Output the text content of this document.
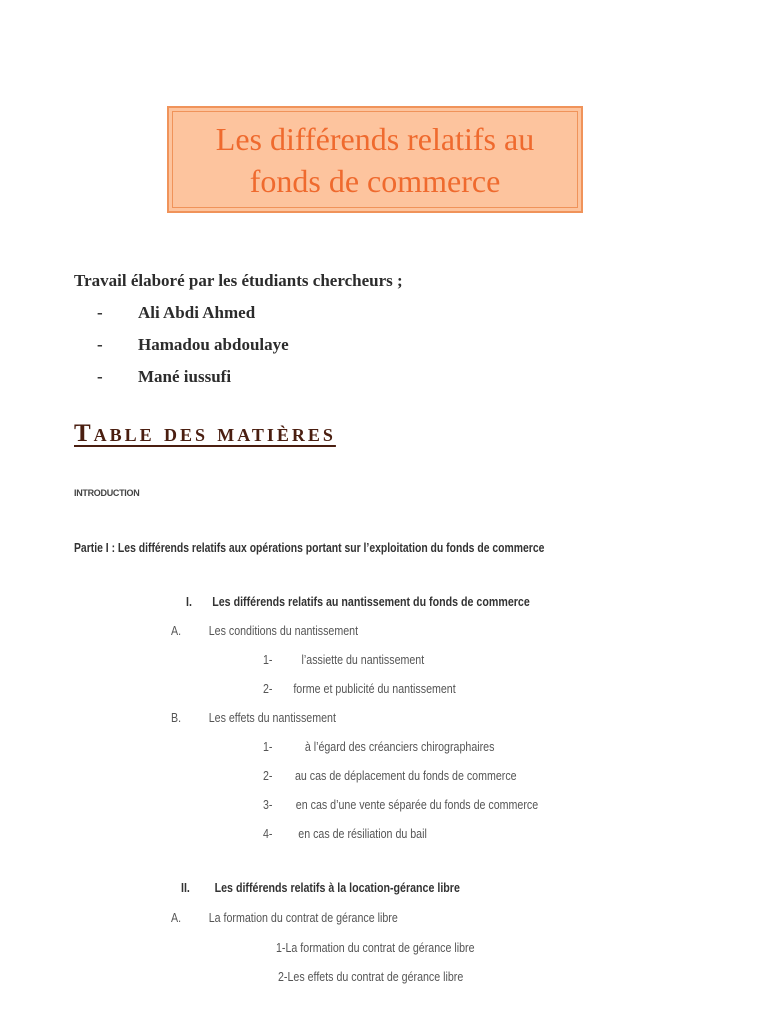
Les différends relatifs au fonds de commerce
Travail élaboré par les étudiants chercheurs ;
- Ali Abdi Ahmed
- Hamadou abdoulaye
- Mané iussufi
Table des matières
INTRODUCTION
Partie I : Les différends relatifs aux opérations portant sur l’exploitation du fonds de commerce
I. Les différends relatifs au nantissement du fonds de commerce
A. Les conditions du nantissement
1- l’assiette du nantissement
2- forme et publicité du nantissement
B. Les effets du nantissement
1- à l’égard des créanciers chirographaires
2- au cas de déplacement du fonds de commerce
3- en cas d’une vente séparée du fonds de commerce
4- en cas de résiliation du bail
II. Les différends relatifs à la location-gérance libre
A. La formation du contrat de gérance libre
1-La formation du contrat de gérance libre
2-Les effets du contrat de gérance libre
